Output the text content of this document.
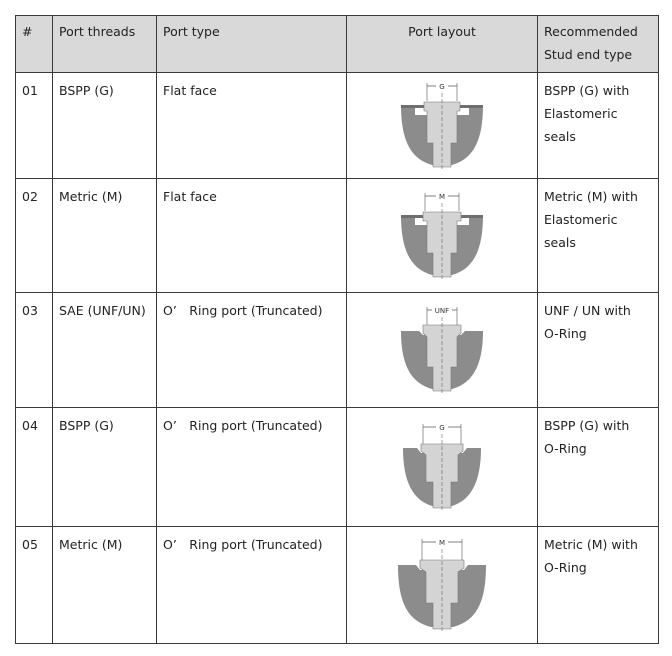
#	Port threads	Port type	Port layout	Recommended
Stud end type
01	BSPP (G)	Flat face	G	BSPP (G) with
Elastomeric seals
02	Metric (M)	Flat face	M	Metric (M) with
Elastomeric seals
03	SAE (UNF/UN)	O’ Ring port (Truncated)	UNF	UNF / UN with
O-Ring
04	BSPP (G)	O’ Ring port (Truncated)	G	BSPP (G) with
O-Ring
05	Metric (M)	O’ Ring port (Truncated)	M	Metric (M) with
O-Ring
